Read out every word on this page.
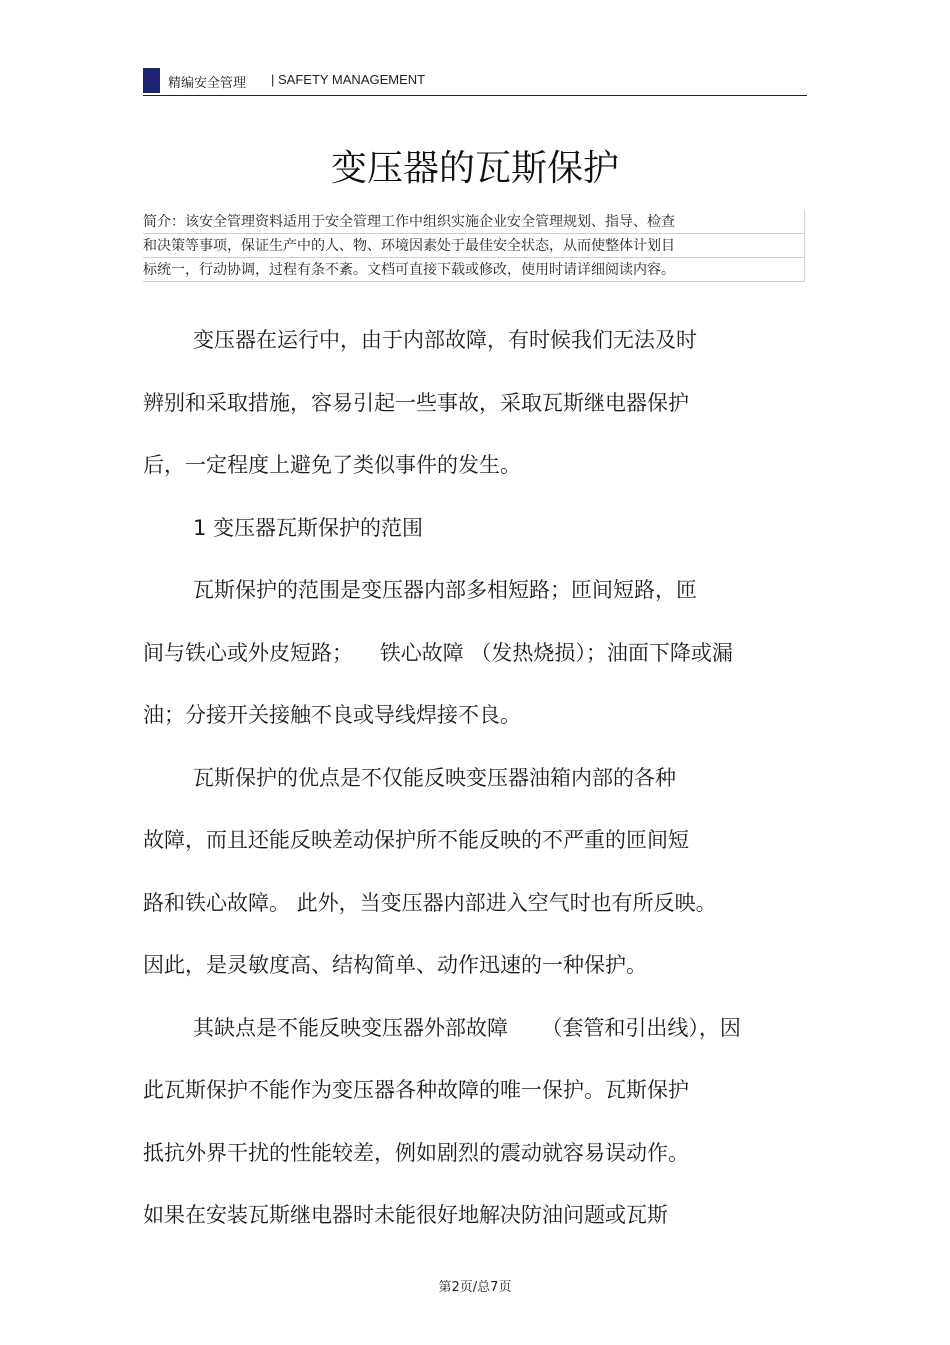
精编安全管理 | SAFETY MANAGEMENT
变压器的瓦斯保护
简介：该安全管理资料适用于安全管理工作中组织实施企业安全管理规划、指导、检查
和决策等事项，保证生产中的人、物、环境因素处于最佳安全状态，从而使整体计划目
标统一，行动协调，过程有条不紊。文档可直接下载或修改，使用时请详细阅读内容。
变压器在运行中，由于内部故障，有时候我们无法及时
辨别和采取措施，容易引起一些事故，采取瓦斯继电器保护
后，一定程度上避免了类似事件的发生。
1 变压器瓦斯保护的范围
瓦斯保护的范围是变压器内部多相短路；匝间短路，匝
间与铁心或外皮短路；    铁心故障 （发热烧损）；油面下降或漏
油；分接开关接触不良或导线焊接不良。
瓦斯保护的优点是不仅能反映变压器油箱内部的各种
故障，而且还能反映差动保护所不能反映的不严重的匝间短
路和铁心故障。 此外，当变压器内部进入空气时也有所反映。
因此，是灵敏度高、结构简单、动作迅速的一种保护。
其缺点是不能反映变压器外部故障     （套管和引出线），因
此瓦斯保护不能作为变压器各种故障的唯一保护。瓦斯保护
抵抗外界干扰的性能较差，例如剧烈的震动就容易误动作。
如果在安装瓦斯继电器时未能很好地解决防油问题或瓦斯
第2页/总7页
